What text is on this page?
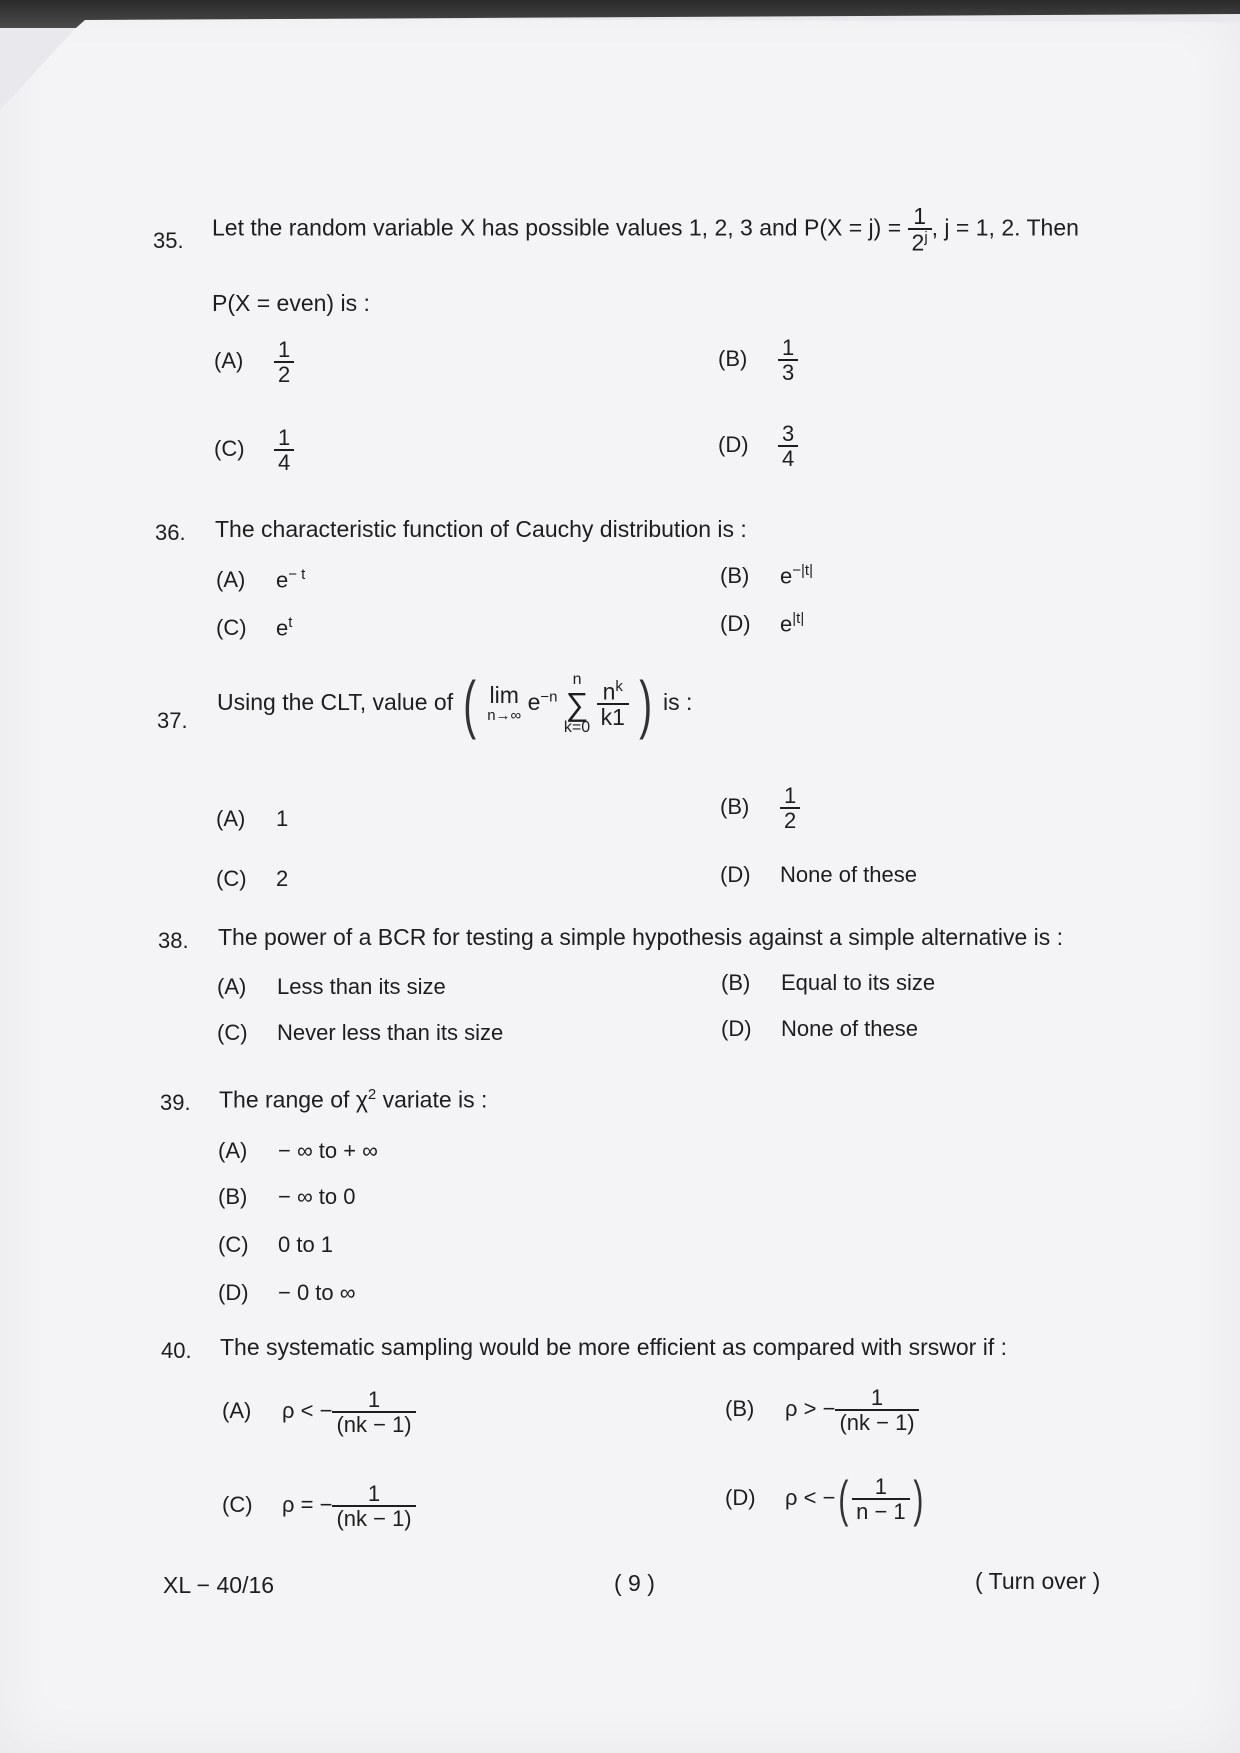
35. Let the random variable X has possible values 1, 2, 3 and $P(X = j) = \frac{1}{2^j}$ , j = 1, 2. Then
P(X = even) is :
$(A) \frac{1}{2}$	$(B) \frac{1}{3}$
$(C) \frac{1}{4}$	$(D) \frac{3}{4}$
36. The characteristic function of Cauchy distribution is :
(A) $e^{- t}$	(B) $e^{-|t|}$
(C) $e^t$	(D) $e^{|t|}$
37.
Using the CLT, value of ( lim
n→∞
$e^{-n}$
n
∑
k=0
$\frac{n^k}{k1}$ ) is :
(A) 1	$(B) \frac{1}{2}$
(C) 2	(D) None of these
38. The power of a BCR for testing a simple hypothesis against a simple alternative is :
(A) Less than its size	(B) Equal to its size
(C) Never less than its size	(D) None of these
39. The range of $\chi^2$ variate is :
(A) − ∞ to + ∞
(B) − ∞ to 0
(C) 0 to 1
(D) − 0 to ∞
40. The systematic sampling would be more efficient as compared with srswor if :
(A) ρ < − $\frac{1}{(nk - 1)}$	(B) ρ > − $\frac{1}{(nk - 1)}$
(C) ρ = − $\frac{1}{(nk - 1)}$	(D) ρ < −( $\frac{1}{n - 1}$ )
XL − 40/16	( 9 )	( Turn over )
